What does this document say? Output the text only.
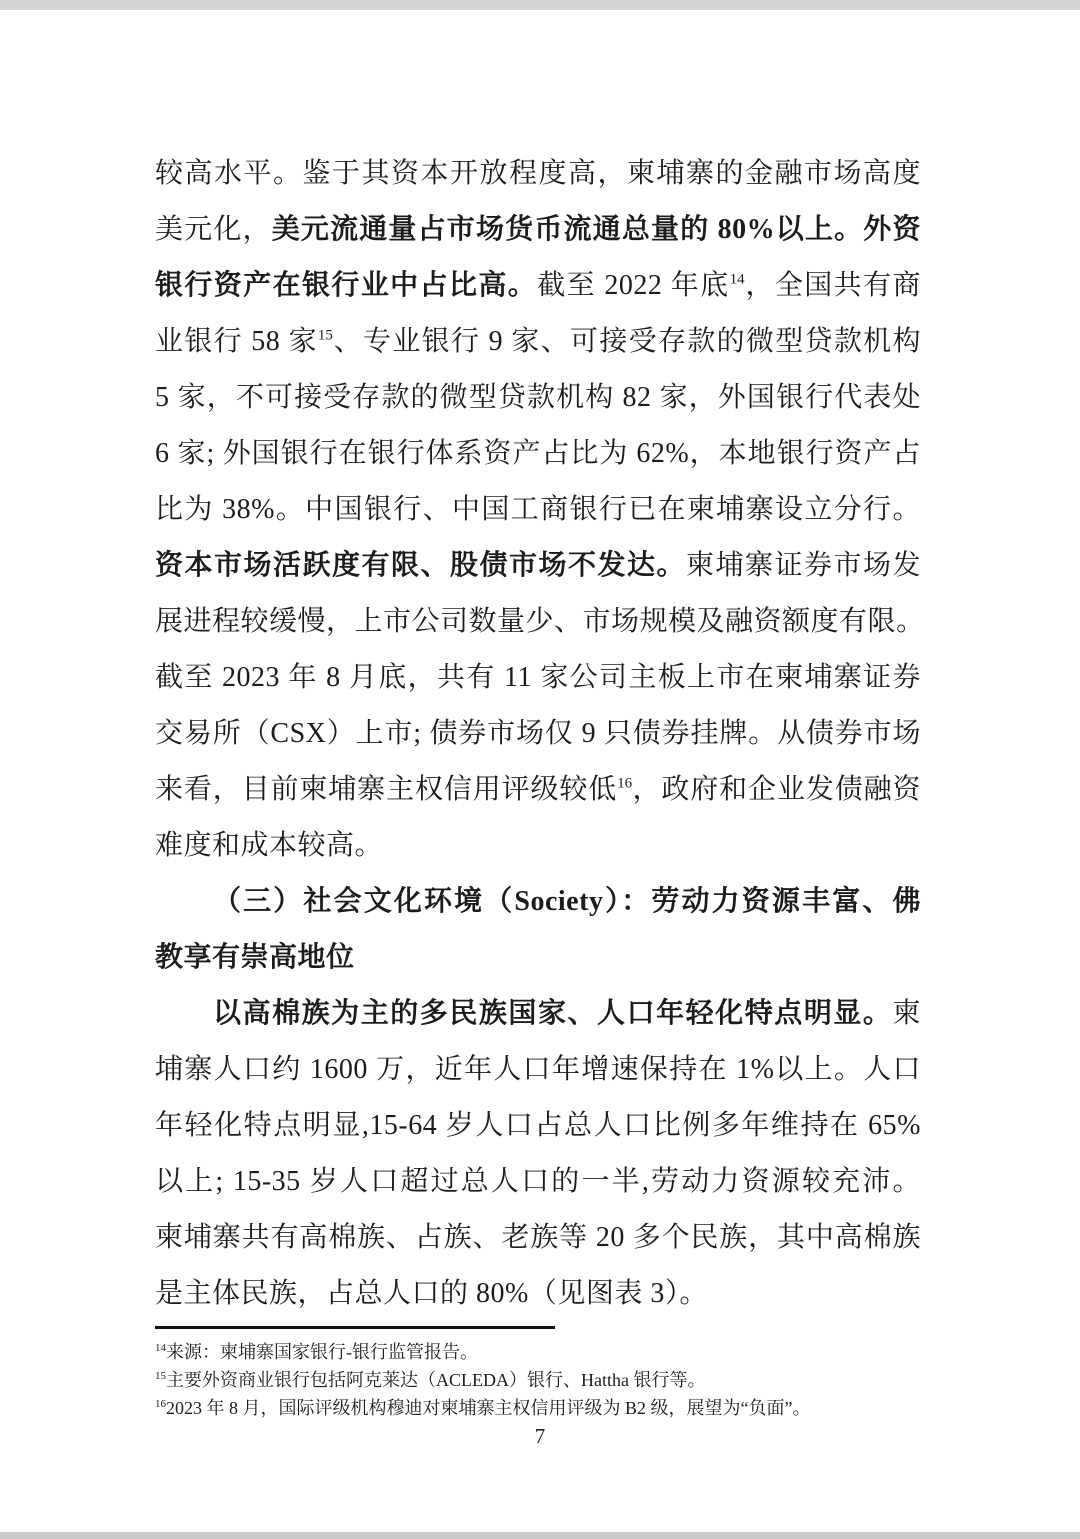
较高水平。鉴于其资本开放程度高，柬埔寨的金融市场高度
美元化，美元流通量占市场货币流通总量的 80%以上。外资
银行资产在银行业中占比高。截至 2022 年底$^{14}$，全国共有商
业银行 58 家$^{15}$、专业银行 9 家、可接受存款的微型贷款机构
5 家，不可接受存款的微型贷款机构 82 家，外国银行代表处
6 家; 外国银行在银行体系资产占比为 62%，本地银行资产占
比为 38%。中国银行、中国工商银行已在柬埔寨设立分行。
资本市场活跃度有限、股债市场不发达。柬埔寨证券市场发
展进程较缓慢，上市公司数量少、市场规模及融资额度有限。
截至 2023 年 8 月底，共有 11 家公司主板上市在柬埔寨证券
交易所（CSX）上市; 债券市场仅 9 只债券挂牌。从债券市场
来看，目前柬埔寨主权信用评级较低$^{16}$，政府和企业发债融资
难度和成本较高。
（三）社会文化环境（Society）：劳动力资源丰富、佛
教享有崇高地位
以高棉族为主的多民族国家、人口年轻化特点明显。柬
埔寨人口约 1600 万，近年人口年增速保持在 1%以上。人口
年轻化特点明显,15-64 岁人口占总人口比例多年维持在 65%
以上; 15-35 岁人口超过总人口的一半,劳动力资源较充沛。
柬埔寨共有高棉族、占族、老族等 20 多个民族，其中高棉族
是主体民族，占总人口的 80%（见图表 3）。
$^{14}$来源：柬埔寨国家银行-银行监管报告。
$^{15}$主要外资商业银行包括阿克莱达（ACLEDA）银行、Hattha 银行等。
$^{16}$2023 年 8 月，国际评级机构穆迪对柬埔寨主权信用评级为 B2 级，展望为“负面”。
7
